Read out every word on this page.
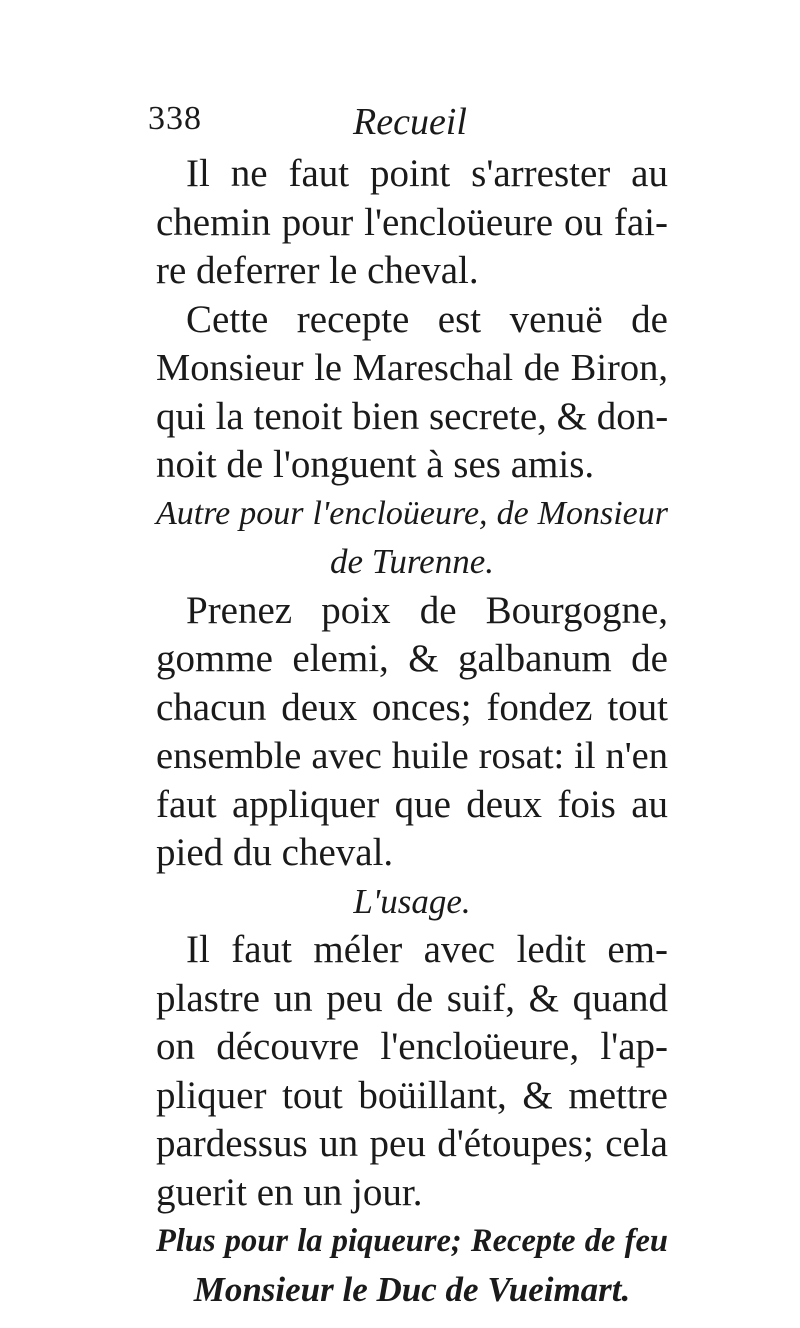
338	Recueil
Il ne faut point s'arrester au
chemin pour l'encloüeure ou fai-
re deferrer le cheval.
Cette recepte est venuë de
Monsieur le Mareschal de Biron,
qui la tenoit bien secrete, & don-
noit de l'onguent à ses amis.
Autre pour l'encloüeure, de Monsieur
de Turenne.
Prenez poix de Bourgogne,
gomme elemi, & galbanum de
chacun deux onces; fondez tout
ensemble avec huile rosat: il n'en
faut appliquer que deux fois au
pied du cheval.
L'usage.
Il faut méler avec ledit em-
plastre un peu de suif, & quand
on découvre l'encloüeure, l'ap-
pliquer tout boüillant, & mettre
pardessus un peu d'étoupes; cela
guerit en un jour.
Plus pour la piqueure; Recepte de feu
Monsieur le Duc de Vueimart.
